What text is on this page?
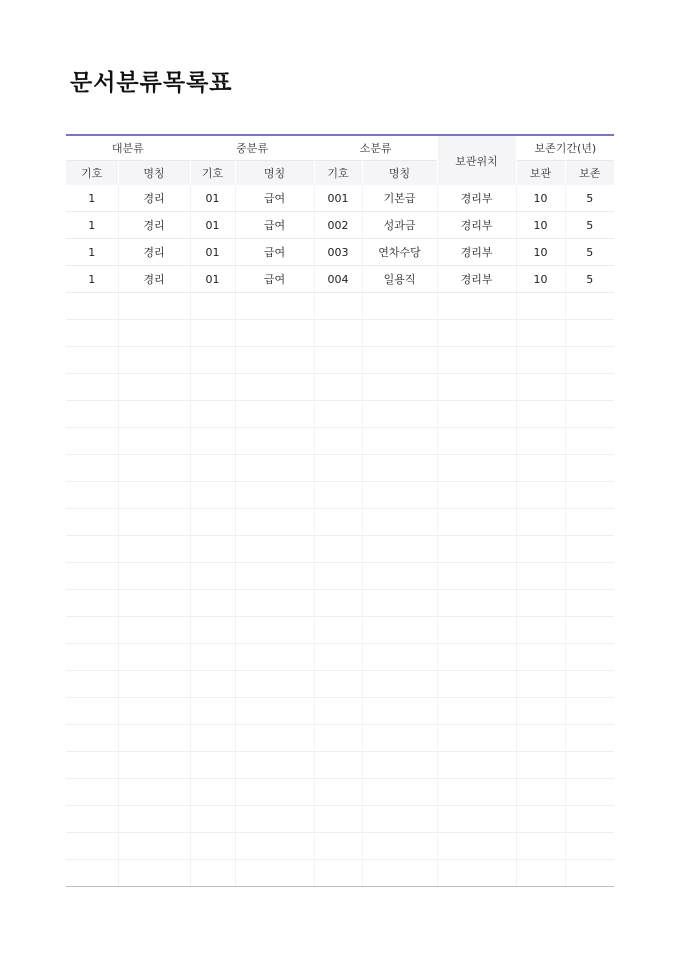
문서분류목록표
대분류		중분류		소분류		보관위치	보존기간(년)	
기호	명칭	기호	명칭	기호	명칭		보관	보존
1	경리	01	급여	001	기본급	경리부	10	5
1	경리	01	급여	002	성과금	경리부	10	5
1	경리	01	급여	003	연차수당	경리부	10	5
1	경리	01	급여	004	일용직	경리부	10	5
